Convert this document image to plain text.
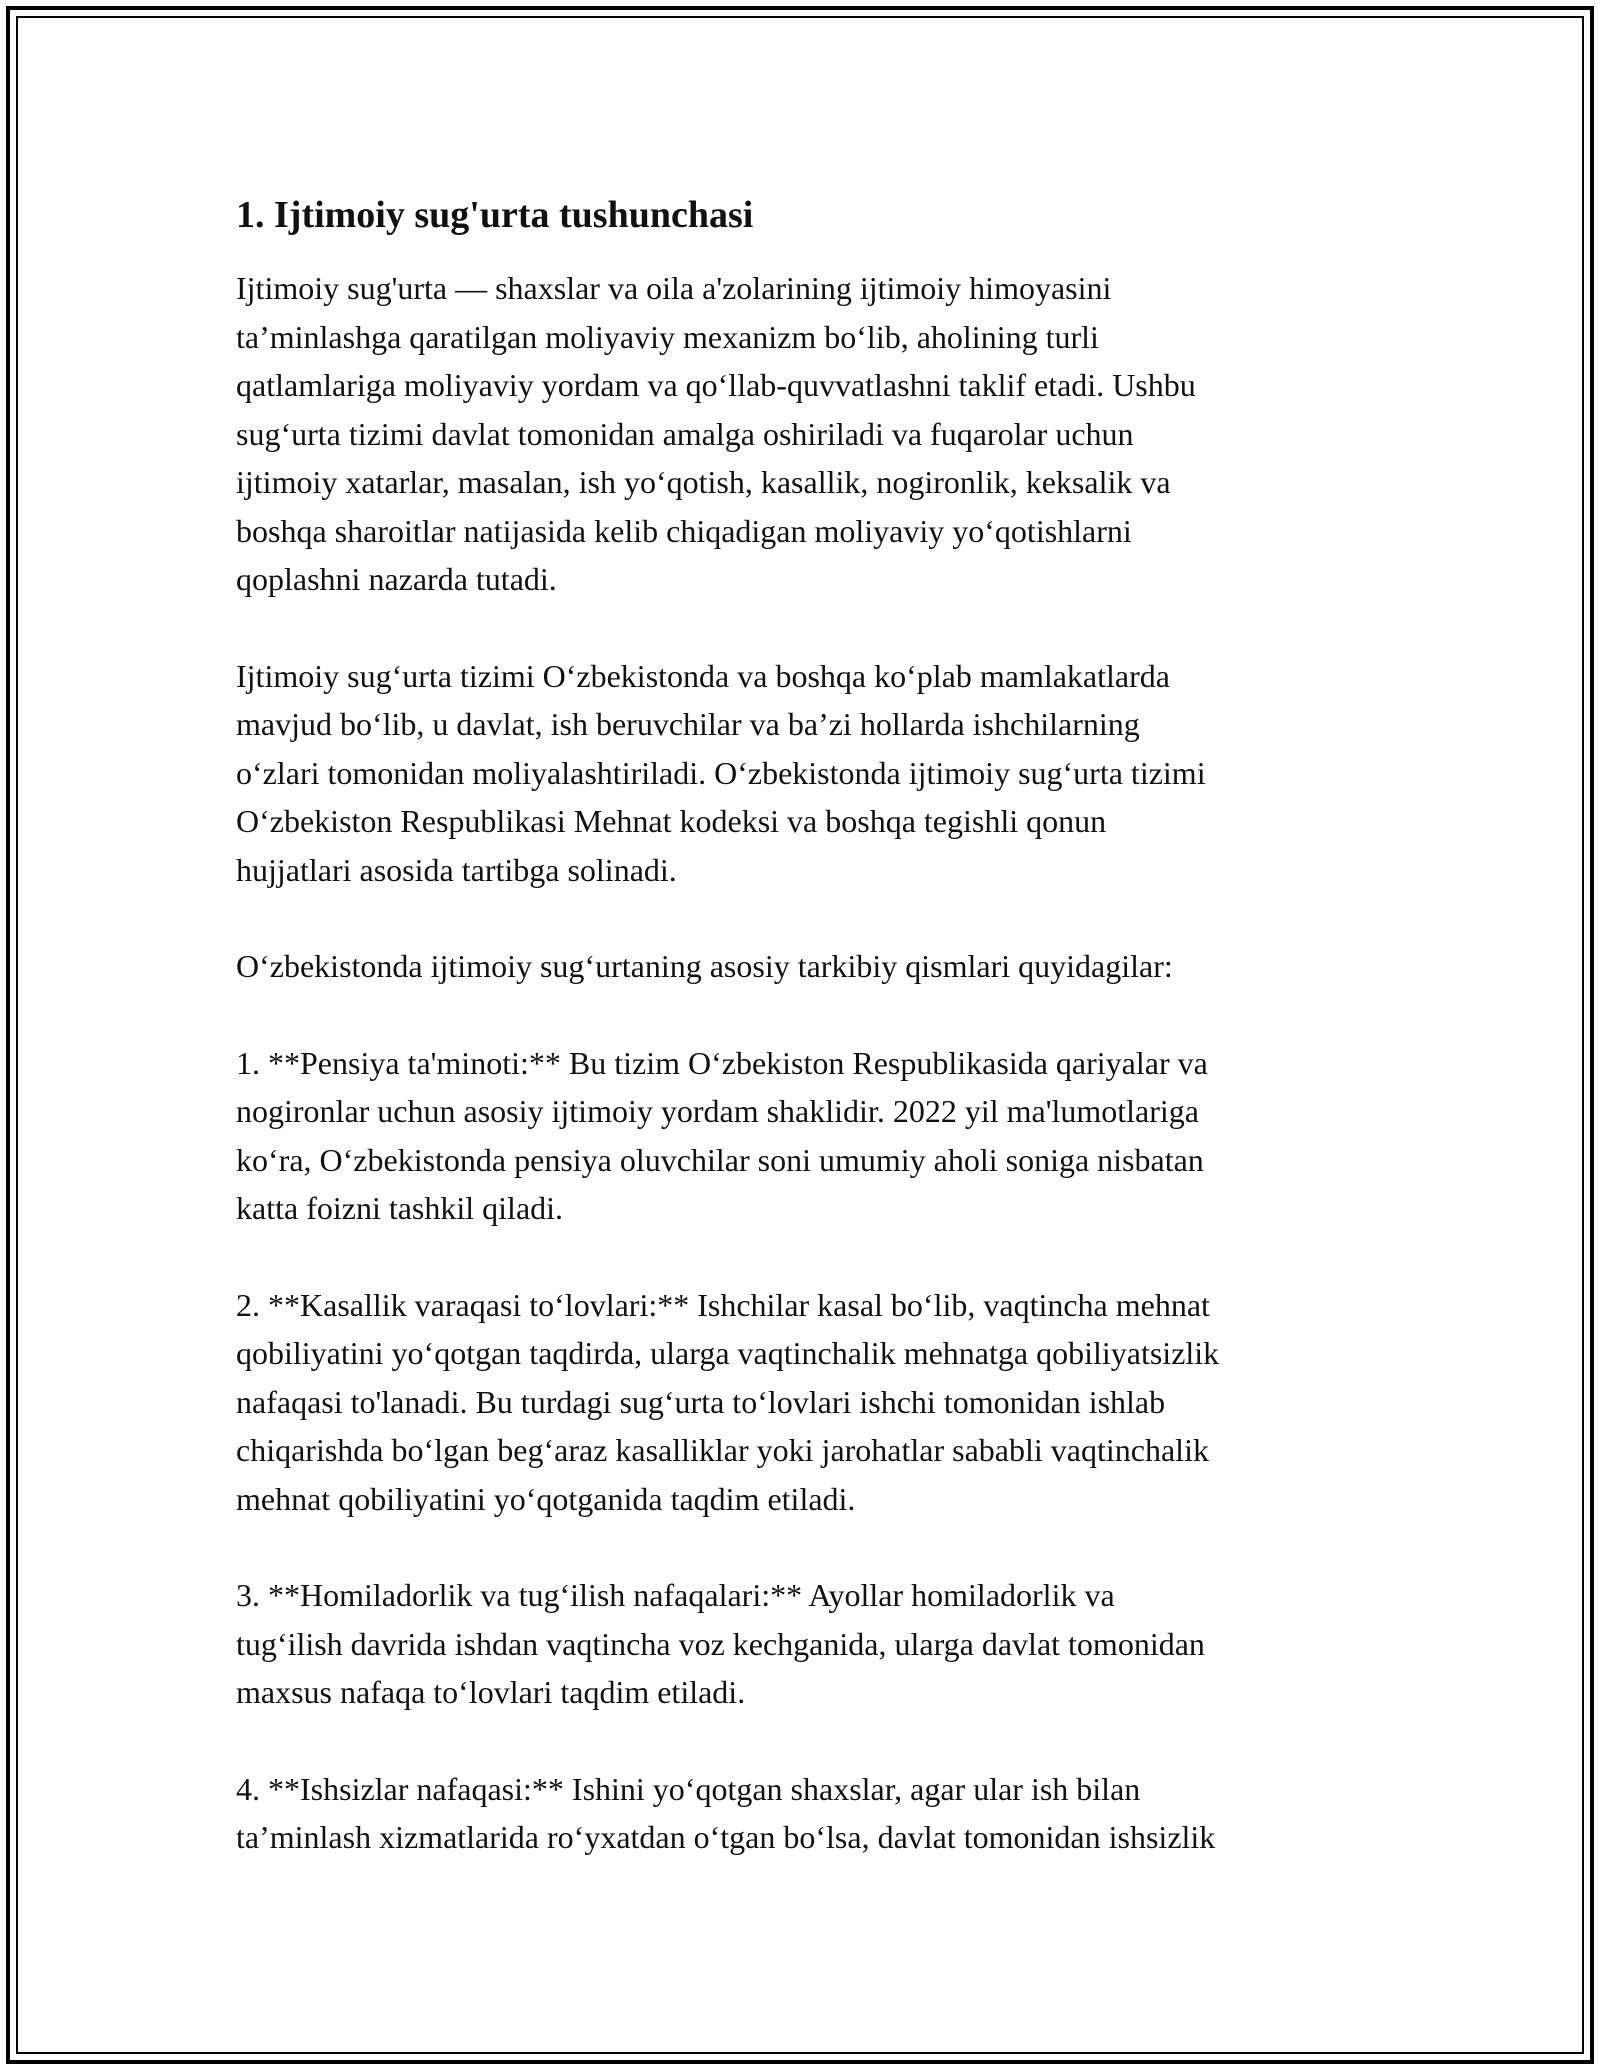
1. Ijtimoiy sug'urta tushunchasi

Ijtimoiy sug'urta — shaxslar va oila a'zolarining ijtimoiy himoyasini
ta’minlashga qaratilgan moliyaviy mexanizm bo‘lib, aholining turli
qatlamlariga moliyaviy yordam va qo‘llab-quvvatlashni taklif etadi. Ushbu
sug‘urta tizimi davlat tomonidan amalga oshiriladi va fuqarolar uchun
ijtimoiy xatarlar, masalan, ish yo‘qotish, kasallik, nogironlik, keksalik va
boshqa sharoitlar natijasida kelib chiqadigan moliyaviy yo‘qotishlarni
qoplashni nazarda tutadi.

Ijtimoiy sug‘urta tizimi O‘zbekistonda va boshqa ko‘plab mamlakatlarda
mavjud bo‘lib, u davlat, ish beruvchilar va ba’zi hollarda ishchilarning
o‘zlari tomonidan moliyalashtiriladi. O‘zbekistonda ijtimoiy sug‘urta tizimi
O‘zbekiston Respublikasi Mehnat kodeksi va boshqa tegishli qonun
hujjatlari asosida tartibga solinadi.

O‘zbekistonda ijtimoiy sug‘urtaning asosiy tarkibiy qismlari quyidagilar:

1. **Pensiya ta'minoti:** Bu tizim O‘zbekiston Respublikasida qariyalar va
nogironlar uchun asosiy ijtimoiy yordam shaklidir. 2022 yil ma'lumotlariga
ko‘ra, O‘zbekistonda pensiya oluvchilar soni umumiy aholi soniga nisbatan
katta foizni tashkil qiladi.

2. **Kasallik varaqasi to‘lovlari:** Ishchilar kasal bo‘lib, vaqtincha mehnat
qobiliyatini yo‘qotgan taqdirda, ularga vaqtinchalik mehnatga qobiliyatsizlik
nafaqasi to'lanadi. Bu turdagi sug‘urta to‘lovlari ishchi tomonidan ishlab
chiqarishda bo‘lgan beg‘araz kasalliklar yoki jarohatlar sababli vaqtinchalik
mehnat qobiliyatini yo‘qotganida taqdim etiladi.

3. **Homiladorlik va tug‘ilish nafaqalari:** Ayollar homiladorlik va
tug‘ilish davrida ishdan vaqtincha voz kechganida, ularga davlat tomonidan
maxsus nafaqa to‘lovlari taqdim etiladi.

4. **Ishsizlar nafaqasi:** Ishini yo‘qotgan shaxslar, agar ular ish bilan
ta’minlash xizmatlarida ro‘yxatdan o‘tgan bo‘lsa, davlat tomonidan ishsizlik
